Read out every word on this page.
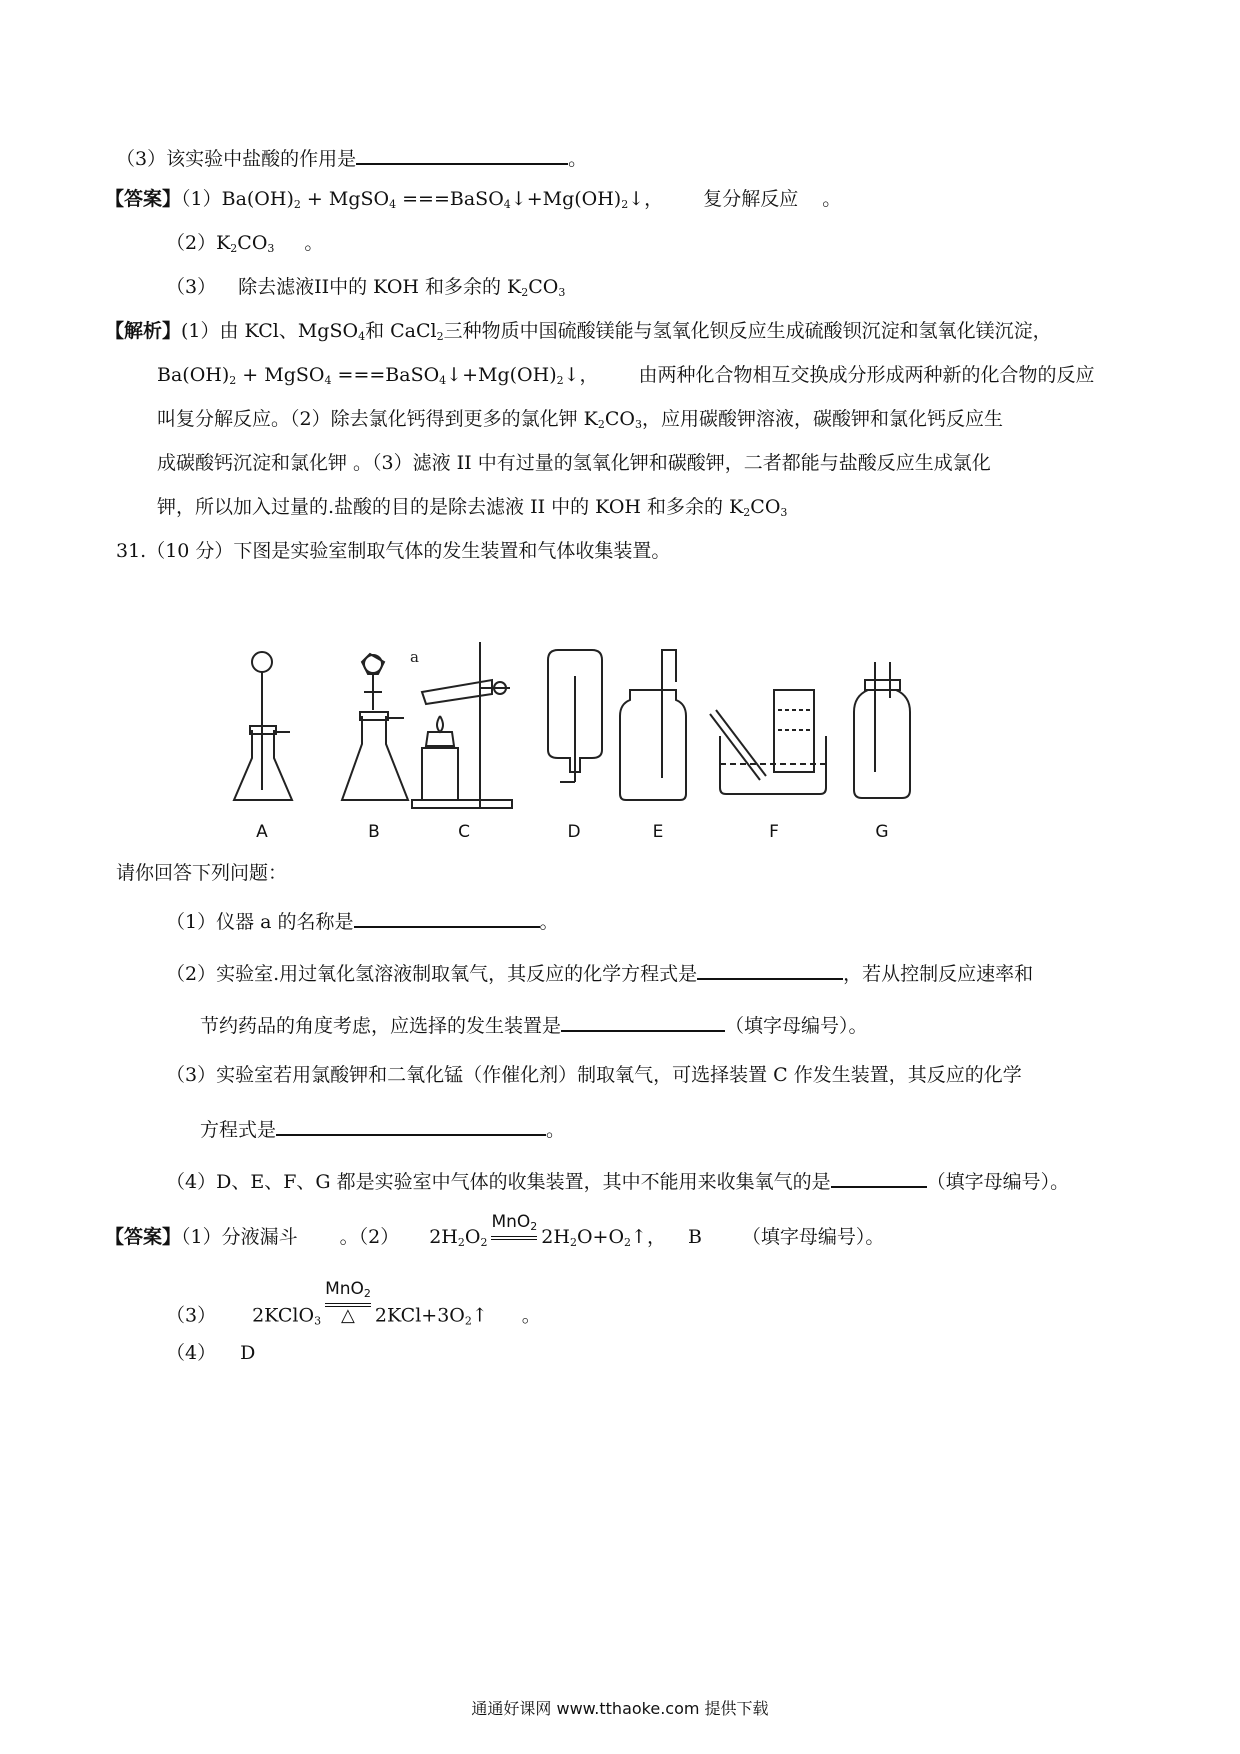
（3）该实验中盐酸的作用是	。
【答案】$(1)Ba(OH)_2$ + MgSO$_4$ $===BaSO_4↓+Mg(OH)_2↓$， 复分解反应 。
$(2)K_2CO_3$ 。
（3） 除去滤液II中的 KOH 和多余的 $K_2CO_3$
【解析】(1）由 KCl、MgSO$_4$和 CaCl$_2$三种物质中国硫酸镁能与氢氧化钡反应生成硫酸钡沉淀和氢氧化镁沉淀，
$Ba(OH)_2$ + MgSO$_4$ $===BaSO_4↓+Mg(OH)_2↓$， 由两种化合物相互交换成分形成两种新的化合物的反应
叫复分解反应。（2）除去氯化钙得到更多的氯化钾 $K_2CO_3$，应用碳酸钾溶液，碳酸钾和氯化钙反应生
成碳酸钙沉淀和氯化钾 。（3）滤液 II 中有过量的氢氧化钾和碳酸钾，二者都能与盐酸反应生成氯化
钾，所以加入过量的.盐酸的目的是除去滤液 II 中的 KOH 和多余的 $K_2CO_3$
31.（10 分）下图是实验室制取气体的发生装置和气体收集装置。
a
A	B	C	D	E	F	G
请你回答下列问题：
（1）仪器 a 的名称是	。
（2）实验室.用过氧化氢溶液制取氧气，其反应的化学方程式是	，若从控制反应速率和
节约药品的角度考虑，应选择的发生装置是	（填字母编号）。
（3）实验室若用氯酸钾和二氧化锰（作催化剂）制取氧气，可选择装置 C 作发生装置，其反应的化学
方程式是	。
（4）D、E、F、G 都是实验室中气体的收集装置，其中不能用来收集氧气的是	（填字母编号）。
【答案】（1）分液漏斗 。（2） $2H_2O_2$
MnO$_2$ $2H_2O+O_2↑$， B （填字母编号）。
（3） 2KClO$_3$ $\frac{MnO_2}{\triangle}$ $2KCl+3O_2↑$ 。
（4） D
通通好课网 www.tthaoke.com 提供下载
